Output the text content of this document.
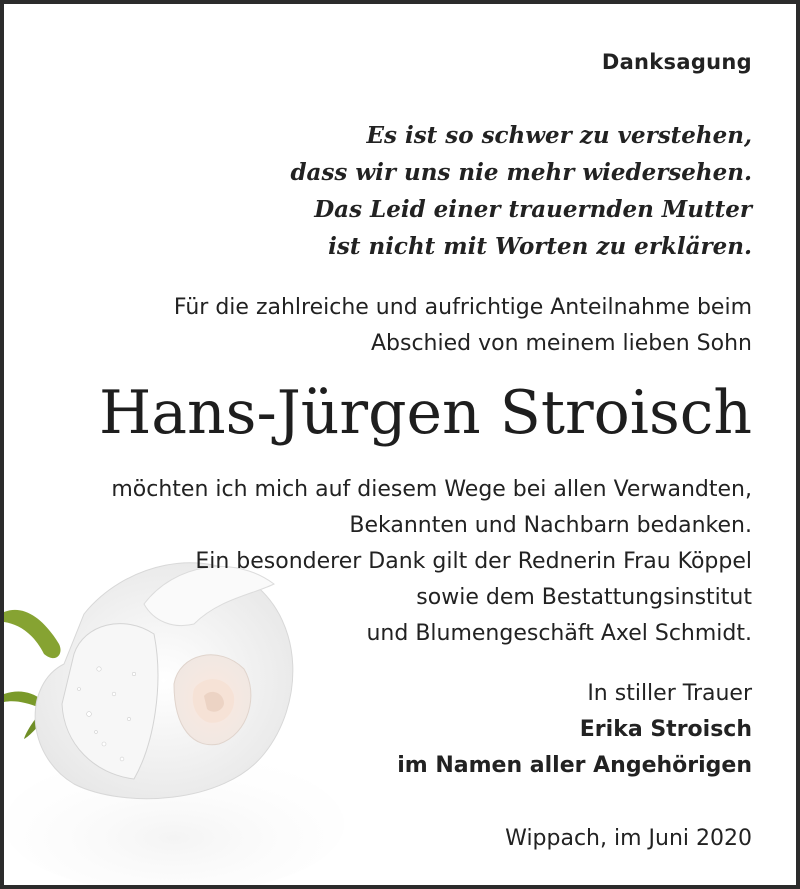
Danksagung
Es ist so schwer zu verstehen,
dass wir uns nie mehr wiedersehen.
Das Leid einer trauernden Mutter
ist nicht mit Worten zu erklären.
Für die zahlreiche und aufrichtige Anteilnahme beim
Abschied von meinem lieben Sohn
Hans-Jürgen Stroisch
möchten ich mich auf diesem Wege bei allen Verwandten,
Bekannten und Nachbarn bedanken.
Ein besonderer Dank gilt der Rednerin Frau Köppel
sowie dem Bestattungsinstitut
und Blumengeschäft Axel Schmidt.
In stiller Trauer
Erika Stroisch
im Namen aller Angehörigen
Wippach, im Juni 2020
